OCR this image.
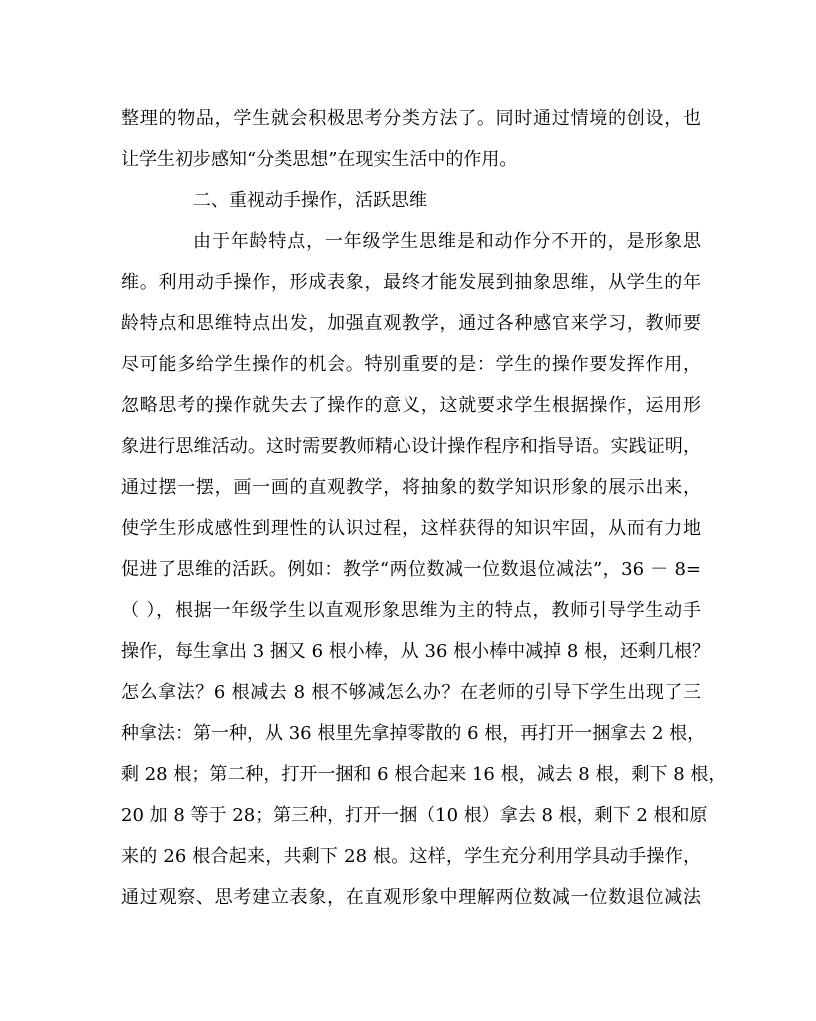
整理的物品，学生就会积极思考分类方法了。同时通过情境的创设，也
让学生初步感知“分类思想”在现实生活中的作用。
二、重视动手操作，活跃思维
由于年龄特点，一年级学生思维是和动作分不开的，是形象思
维。利用动手操作，形成表象，最终才能发展到抽象思维，从学生的年
龄特点和思维特点出发，加强直观教学，通过各种感官来学习，教师要
尽可能多给学生操作的机会。特别重要的是：学生的操作要发挥作用，
忽略思考的操作就失去了操作的意义，这就要求学生根据操作，运用形
象进行思维活动。这时需要教师精心设计操作程序和指导语。实践证明，
通过摆一摆，画一画的直观教学，将抽象的数学知识形象的展示出来，
使学生形成感性到理性的认识过程，这样获得的知识牢固，从而有力地
促进了思维的活跃。例如：教学“两位数减一位数退位减法”，36 － 8=
（ ），根据一年级学生以直观形象思维为主的特点，教师引导学生动手
操作，每生拿出 3 捆又 6 根小棒，从 36 根小棒中减掉 8 根，还剩几根？
怎么拿法？6 根减去 8 根不够减怎么办？在老师的引导下学生出现了三
种拿法：第一种，从 36 根里先拿掉零散的 6 根，再打开一捆拿去 2 根，
剩 28 根；第二种，打开一捆和 6 根合起来 16 根，减去 8 根，剩下 8 根，
20 加 8 等于 28；第三种，打开一捆（10 根）拿去 8 根，剩下 2 根和原
来的 26 根合起来，共剩下 28 根。这样，学生充分利用学具动手操作，
通过观察、思考建立表象，在直观形象中理解两位数减一位数退位减法
